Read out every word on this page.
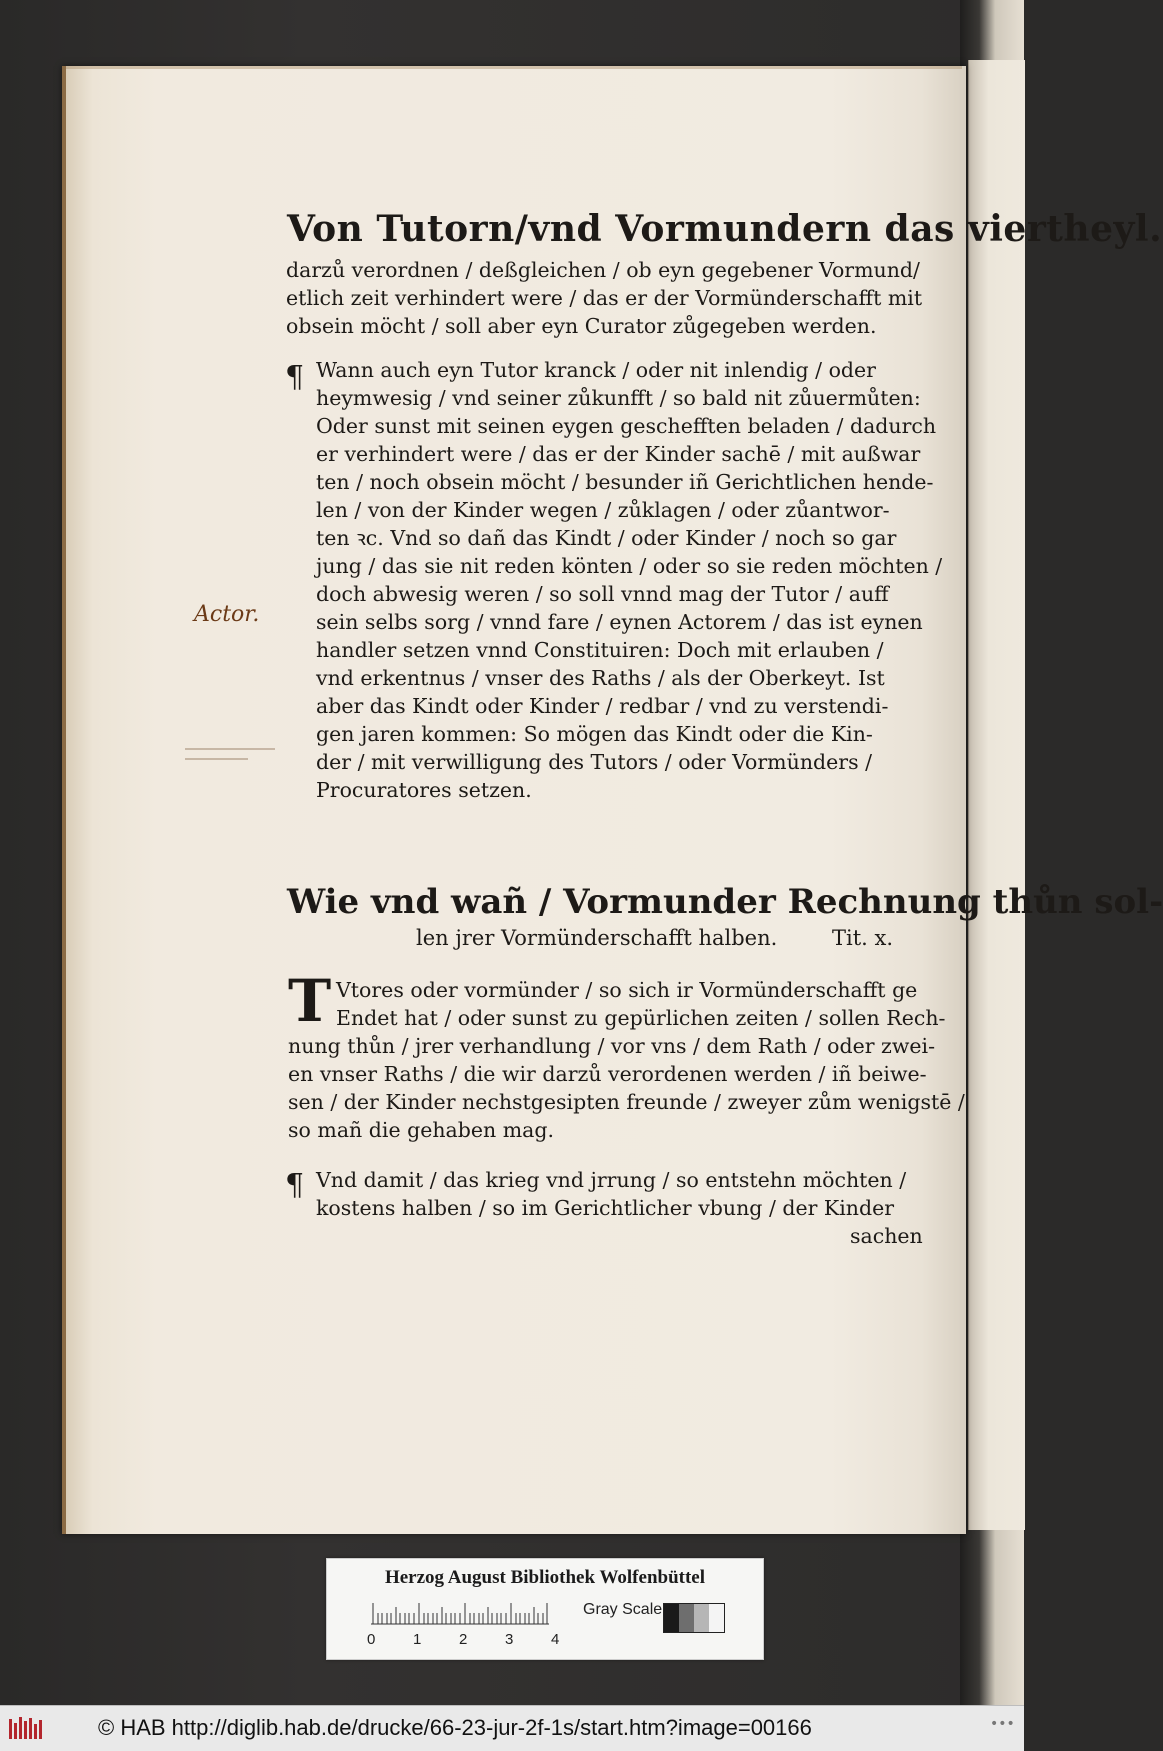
Von Tutorn/vnd Vormundern das viertheyl.
darzů verordnen / deßgleichen / ob eyn gegebener Vormund/
etlich zeit verhindert were / das er der Vormünderschafft mit
obsein möcht / soll aber eyn Curator zůgegeben werden.
¶ Wann auch eyn Tutor kranck / oder nit inlendig / oder
heymwesig / vnd seiner zůkunfft / so bald nit zůuermůten:
Oder sunst mit seinen eygen geschefften beladen / dadurch
er verhindert were / das er der Kinder sachē / mit außwar
ten / noch obsein möcht / besunder iñ Gerichtlichen hende-
len / von der Kinder wegen / zůklagen / oder zůantwor-
ten ꝛc. Vnd so dañ das Kindt / oder Kinder / noch so gar
jung / das sie nit reden könten / oder so sie reden möchten /
doch abwesig weren / so soll vnnd mag der Tutor / auff
sein selbs sorg / vnnd fare / eynen Actorem / das ist eynen
handler setzen vnnd Constituiren: Doch mit erlauben /
vnd erkentnus / vnser des Raths / als der Oberkeyt. Ist
aber das Kindt oder Kinder / redbar / vnd zu verstendi-
gen jaren kommen: So mögen das Kindt oder die Kin-
der / mit verwilligung des Tutors / oder Vormünders /
Procuratores setzen.
Actor.
Wie vnd wañ / Vormunder Rechnung thůn sol-
len jrer Vormünderschafft halben.	Tit. x.
T Vtores oder vormünder / so sich ir Vormünderschafft ge
Endet hat / oder sunst zu gepürlichen zeiten / sollen Rech-
nung thůn / jrer verhandlung / vor vns / dem Rath / oder zwei-
en vnser Raths / die wir darzů verordenen werden / iñ beiwe-
sen / der Kinder nechstgesipten freunde / zweyer zům wenigstē /
so mañ die gehaben mag.
¶ Vnd damit / das krieg vnd jrrung / so entstehn möchten /
kostens halben / so im Gerichtlicher vbung / der Kinder
sachen
Herzog August Bibliothek Wolfenbüttel
0	1	2	3	4
Gray Scale
© HAB http://diglib.hab.de/drucke/66-23-jur-2f-1s/start.htm?image=00166	•••
